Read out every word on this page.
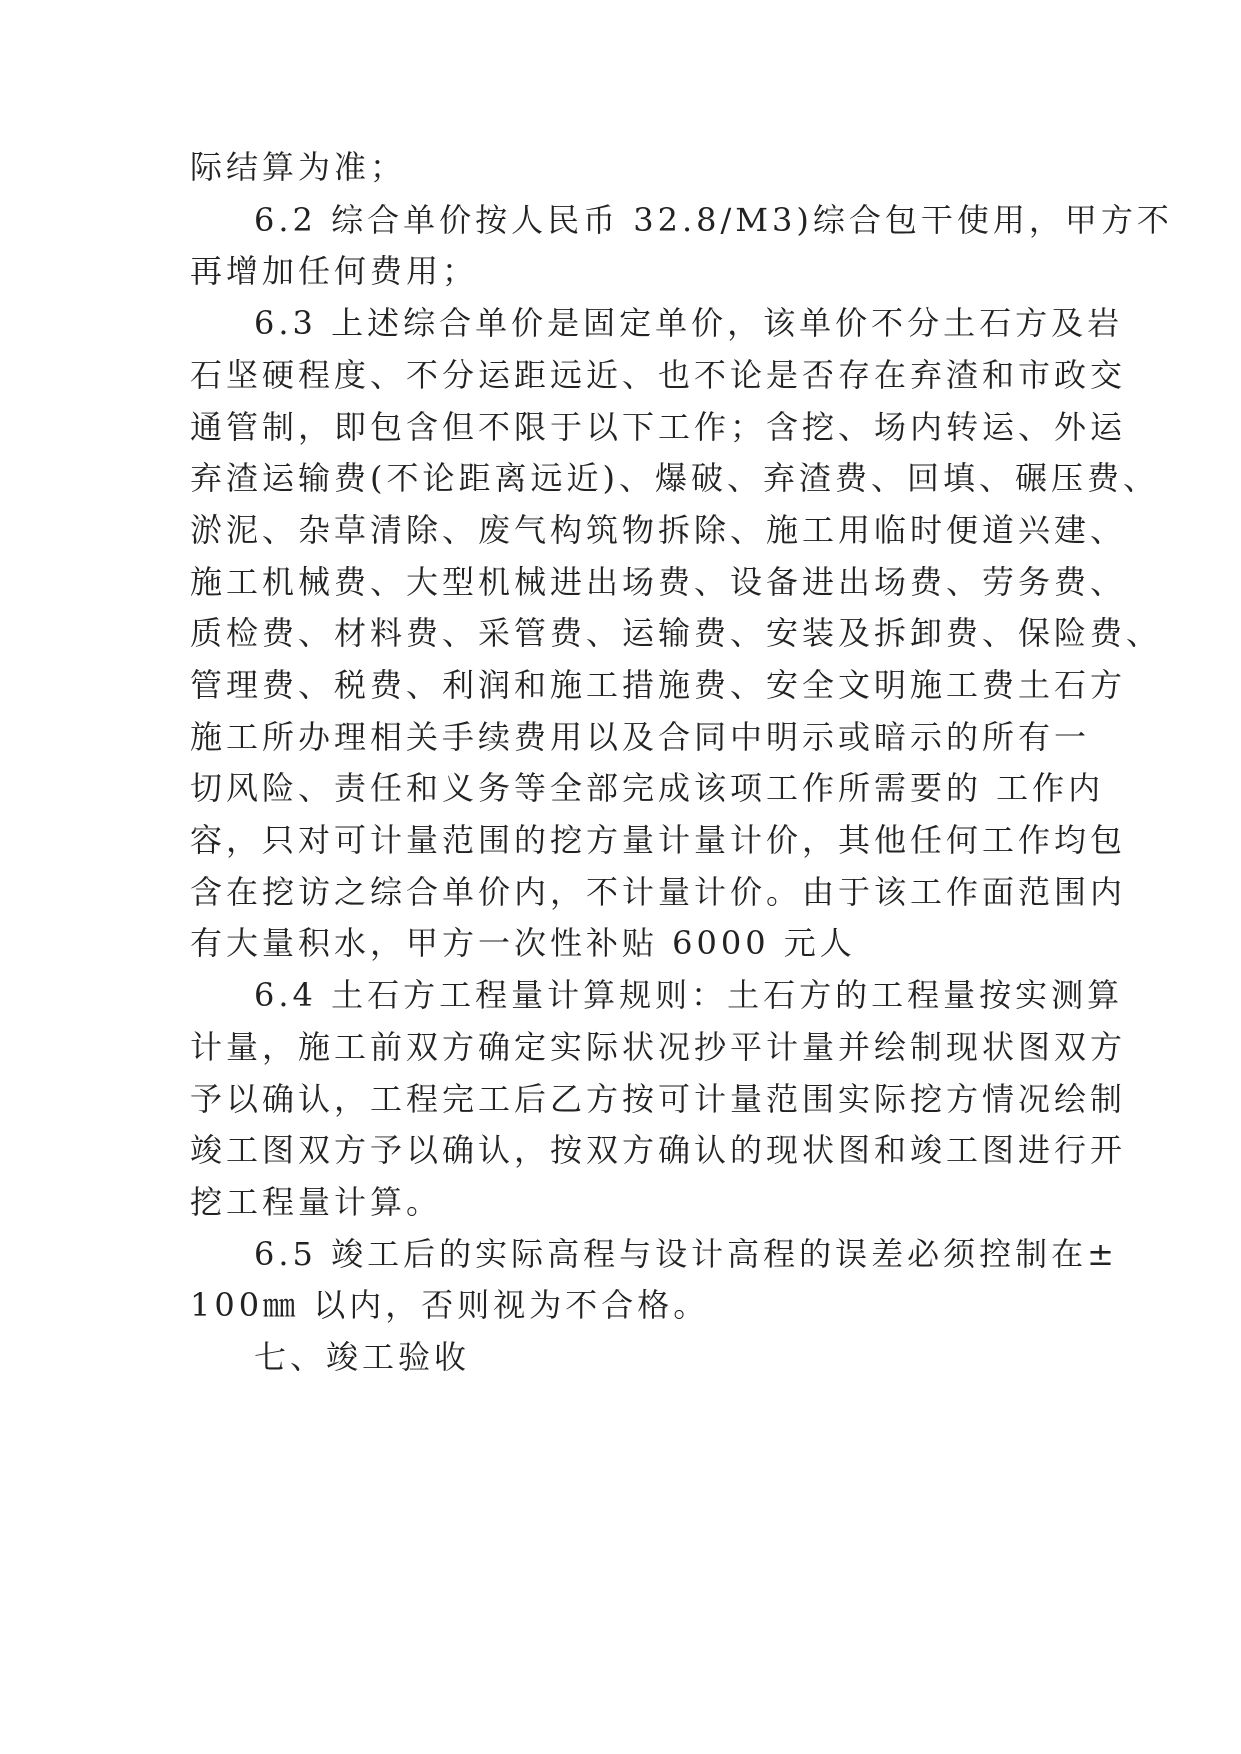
际结算为准；
6.2 综合单价按人民币 32.8/M3)综合包干使用，甲方不
再增加任何费用；
6.3 上述综合单价是固定单价，该单价不分土石方及岩
石坚硬程度、不分运距远近、也不论是否存在弃渣和市政交
通管制，即包含但不限于以下工作；含挖、场内转运、外运
弃渣运输费(不论距离远近)、爆破、弃渣费、回填、碾压费、
淤泥、杂草清除、废气构筑物拆除、施工用临时便道兴建、
施工机械费、大型机械进出场费、设备进出场费、劳务费、
质检费、材料费、采管费、运输费、安装及拆卸费、保险费、
管理费、税费、利润和施工措施费、安全文明施工费土石方
施工所办理相关手续费用以及合同中明示或暗示的所有一
切风险、责任和义务等全部完成该项工作所需要的 工作内
容，只对可计量范围的挖方量计量计价，其他任何工作均包
含在挖访之综合单价内，不计量计价。由于该工作面范围内
有大量积水，甲方一次性补贴 6000 元人
6.4 土石方工程量计算规则：土石方的工程量按实测算
计量，施工前双方确定实际状况抄平计量并绘制现状图双方
予以确认，工程完工后乙方按可计量范围实际挖方情况绘制
竣工图双方予以确认，按双方确认的现状图和竣工图进行开
挖工程量计算。
6.5 竣工后的实际高程与设计高程的误差必须控制在±
100㎜ 以内，否则视为不合格。
七、竣工验收
